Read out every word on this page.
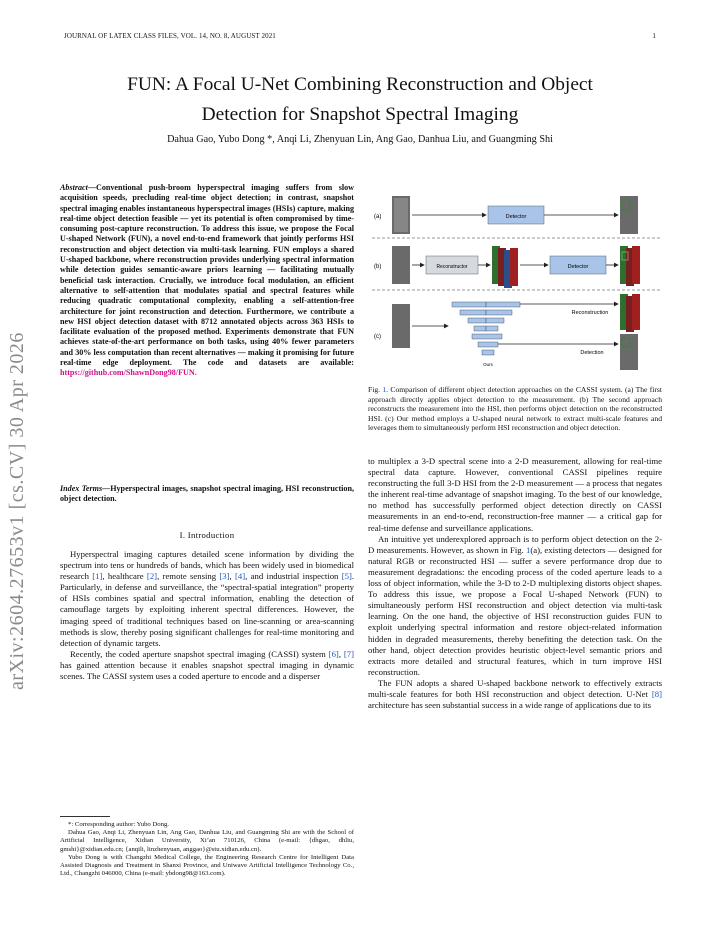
JOURNAL OF LATEX CLASS FILES, VOL. 14, NO. 8, AUGUST 2021	1
arXiv:2604.27653v1 [cs.CV] 30 Apr 2026
FUN: A Focal U-Net Combining Reconstruction and Object
Detection for Snapshot Spectral Imaging
Dahua Gao, Yubo Dong *, Anqi Li, Zhenyuan Lin, Ang Gao, Danhua Liu, and Guangming Shi
Abstract—Conventional push-broom hyperspectral imaging suffers from slow acquisition speeds, precluding real-time object detection; in contrast, snapshot spectral imaging enables instantaneous hyperspectral images (HSIs) capture, making real-time object detection feasible — yet its potential is often compromised by time-consuming post-capture reconstruction. To address this issue, we propose the Focal U-shaped Network (FUN), a novel end-to-end framework that jointly performs HSI reconstruction and object detection via multi-task learning. FUN employs a shared U-shaped backbone, where reconstruction provides underlying spectral information while detection guides semantic-aware priors learning — facilitating mutually beneficial task interaction. Crucially, we introduce focal modulation, an efficient alternative to self-attention that modulates spatial and spectral features while reducing quadratic computational complexity, enabling a self-attention-free architecture for joint reconstruction and detection. Furthermore, we contribute a new HSI object detection dataset with 8712 annotated objects across 363 HSIs to facilitate evaluation of the proposed method. Experiments demonstrate that FUN achieves state-of-the-art performance on both tasks, using 40% fewer parameters and 30% less computation than recent alternatives — making it promising for future real-time edge deployment. The code and datasets are available: https://github.com/ShawnDong98/FUN.
Index Terms—Hyperspectral images, snapshot spectral imaging, HSI reconstruction, object detection.
I. Introduction

Hyperspectral imaging captures detailed scene information by dividing the spectrum into tens or hundreds of bands, which has been widely used in biomedical research [1], healthcare [2], remote sensing [3], [4], and industrial inspection [5]. Particularly, in defense and surveillance, the “spectral-spatial integration” property of HSIs combines spatial and spectral information, enabling the detection of camouflage targets by exploiting inherent spectral differences. However, the imaging speed of traditional techniques based on line-scanning or area-scanning methods is slow, thereby posing significant challenges for real-time monitoring and detection of dynamic targets.

Recently, the coded aperture snapshot spectral imaging (CASSI) system [6], [7] has gained attention because it enables snapshot spectral imaging in dynamic scenes. The CASSI system uses a coded aperture to encode and a disperser

*: Corresponding author: Yubo Dong.

Dahua Gao, Anqi Li, Zhenyuan Lin, Ang Gao, Danhua Liu, and Guangming Shi are with the School of Artificial Intelligence, Xidian University, Xi’an 710126, China (e-mail: {dhgao, dhliu, gmshi}@xidian.edu.cn; {anqili, linzhenyuan, anggao}@stu.xidian.edu.cn).

Yubo Dong is with Changzhi Medical College, the Engineering Research Centre for Intelligent Data Assisted Diagnosis and Treatment in Shanxi Province, and Uniwave Artificial Intelligence Technology Co., Ltd., Changzhi 046000, China (e-mail: ybdong98@163.com).

(a)	Detector
(b)	Reconstructor	Detector
(c)
Ours
Reconstruction
Detection
Fig. 1. Comparison of different object detection approaches on the CASSI system. (a) The first approach directly applies object detection to the measurement. (b) The second approach reconstructs the measurement into the HSI, then performs object detection on the reconstructed HSI. (c) Our method employs a U-shaped neural network to extract multi-scale features and leverages them to simultaneously perform HSI reconstruction and object detection.

to multiplex a 3-D spectral scene into a 2-D measurement, allowing for real-time spectral data capture. However, conventional CASSI pipelines require reconstructing the full 3-D HSI from the 2-D measurement — a process that negates the inherent real-time advantage of snapshot imaging. To the best of our knowledge, no method has successfully performed object detection directly on CASSI measurements in an end-to-end, reconstruction-free manner — a critical gap for real-time defense and surveillance applications.

An intuitive yet underexplored approach is to perform object detection on the 2-D measurements. However, as shown in Fig. 1(a), existing detectors — designed for natural RGB or reconstructed HSI — suffer a severe performance drop due to measurement degradations: the encoding process of the coded aperture leads to a loss of object information, while the 3-D to 2-D multiplexing distorts object shapes. To address this issue, we propose a Focal U-shaped Network (FUN) to simultaneously perform HSI reconstruction and object detection via multi-task learning. On the one hand, the objective of HSI reconstruction guides FUN to exploit underlying spectral information and restore object-related information hidden in degraded measurements, thereby benefiting the detection task. On the other hand, object detection provides heuristic object-level semantic priors and extracts more detailed and structural features, which in turn improve HSI reconstruction.

The FUN adopts a shared U-shaped backbone network to effectively extracts multi-scale features for both HSI reconstruction and object detection. U-Net [8] architecture has seen substantial success in a wide range of applications due to its
